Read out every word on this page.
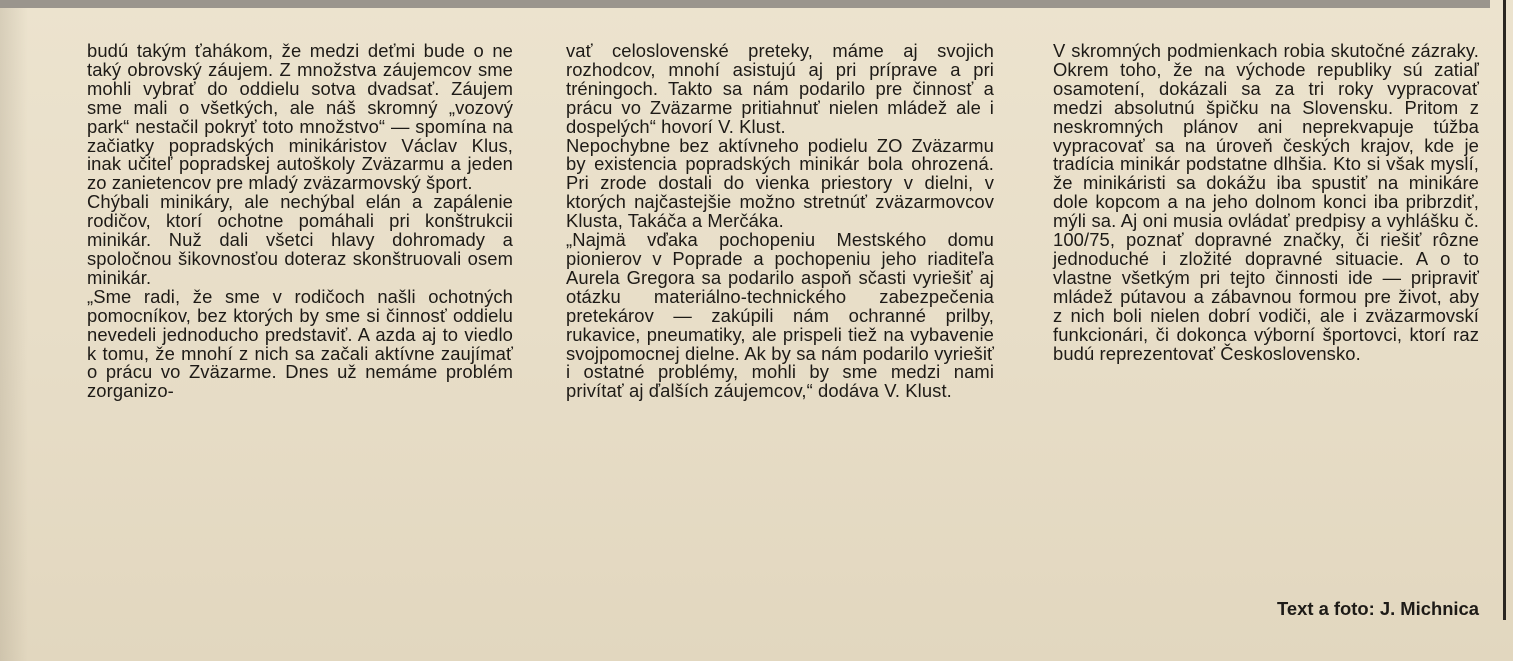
budú takým ťahákom, že medzi deťmi bude o ne taký obrovský záujem. Z množstva záujemcov sme mohli vybrať do oddielu sotva dvadsať. Záujem sme mali o všetkých, ale náš skromný „vozový park“ nestačil pokryť toto množstvo“ — spomína na začiatky popradských minikáristov Václav Klus, inak učiteľ popradskej autoškoly Zväzarmu a jeden zo zanietencov pre mladý zväzarmovský šport.

Chýbali minikáry, ale nechýbal elán a zapálenie rodičov, ktorí ochotne pomáhali pri konštrukcii minikár. Nuž dali všetci hlavy dohromady a spoločnou šikovnosťou doteraz skonštruovali osem minikár.

„Sme radi, že sme v rodičoch našli ochotných pomocníkov, bez ktorých by sme si činnosť oddielu nevedeli jednoducho predstaviť. A azda aj to viedlo k tomu, že mnohí z nich sa začali aktívne zaujímať o prácu vo Zväzarme. Dnes už nemáme problém zorganizo-

vať celoslovenské preteky, máme aj svojich rozhodcov, mnohí asistujú aj pri príprave a pri tréningoch. Takto sa nám podarilo pre činnosť a prácu vo Zväzarme pritiahnuť nielen mládež ale i dospelých“ hovorí V. Klust.

Nepochybne bez aktívneho podielu ZO Zväzarmu by existencia popradských minikár bola ohrozená. Pri zrode dostali do vienka priestory v dielni, v ktorých najčastejšie možno stretnúť zväzarmovcov Klusta, Takáča a Merčáka.

„Najmä vďaka pochopeniu Mestského domu pionierov v Poprade a pochopeniu jeho riaditeľa Aurela Gregora sa podarilo aspoň sčasti vyriešiť aj otázku materiálno-technického zabezpečenia pretekárov — zakúpili nám ochranné prilby, rukavice, pneumatiky, ale prispeli tiež na vybavenie svojpomocnej dielne. Ak by sa nám podarilo vyriešiť i ostatné problémy, mohli by sme medzi nami privítať aj ďalších záujemcov,“ dodáva V. Klust.

V skromných podmienkach robia skutočné zázraky. Okrem toho, že na východe republiky sú zatiaľ osamotení, dokázali sa za tri roky vypracovať medzi absolutnú špičku na Slovensku. Pritom z neskromných plánov ani neprekvapuje túžba vypracovať sa na úroveň českých krajov, kde je tradícia minikár podstatne dlhšia. Kto si však myslí, že minikáristi sa dokážu iba spustiť na minikáre dole kopcom a na jeho dolnom konci iba pribrzdiť, mýli sa. Aj oni musia ovládať predpisy a vyhlášku č. 100/75, poznať dopravné značky, či riešiť rôzne jednoduché i zložité dopravné situacie. A o to vlastne všetkým pri tejto činnosti ide — pripraviť mládež pútavou a zábavnou formou pre život, aby z nich boli nielen dobrí vodiči, ale i zväzarmovskí funkcionári, či dokonca výborní športovci, ktorí raz budú reprezentovať Československo.

Text a foto: J. Michnica
